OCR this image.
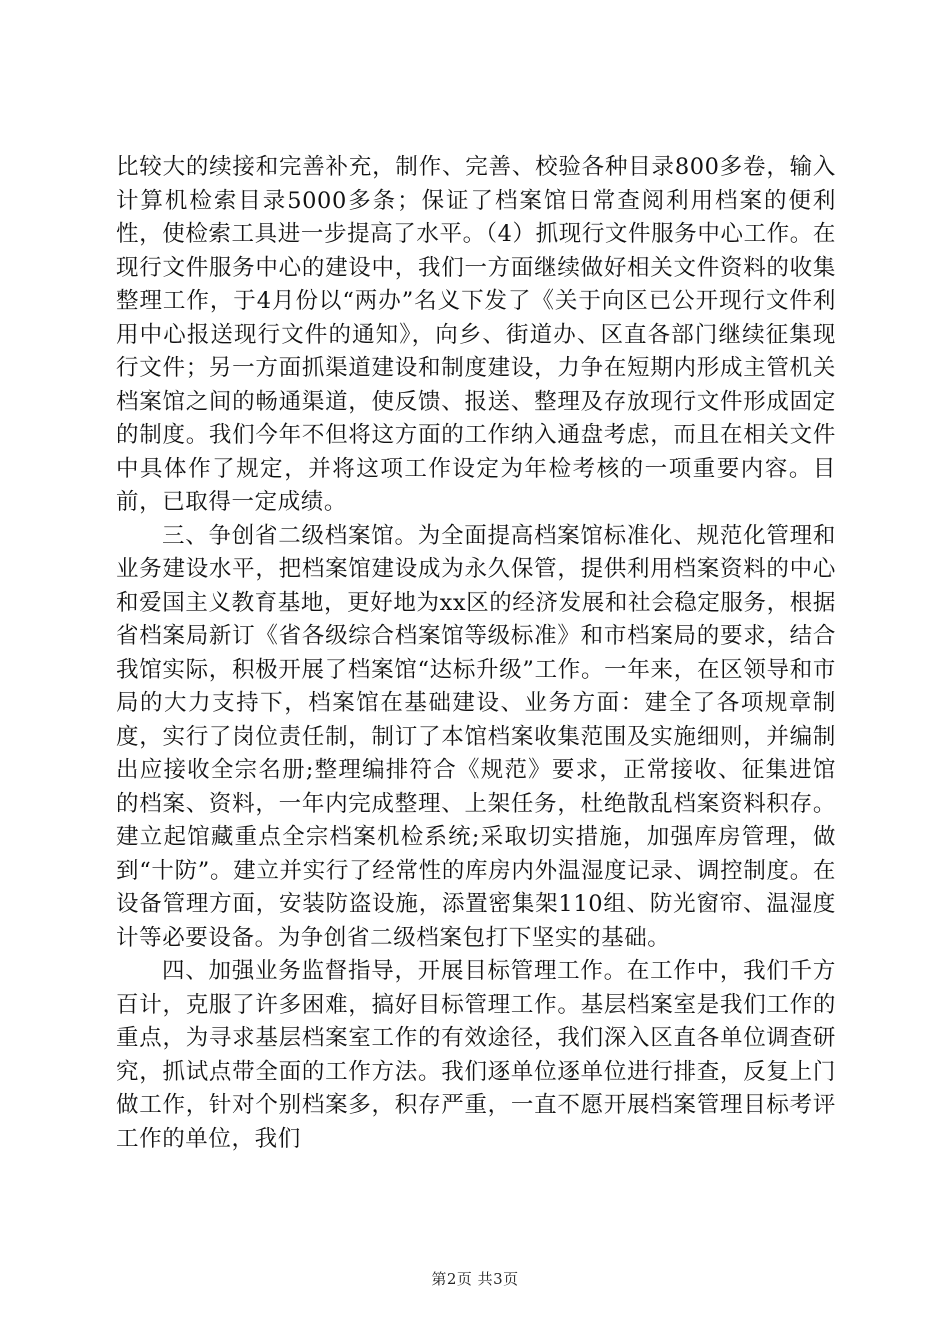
比较大的续接和完善补充，制作、完善、校验各种目录800多卷，输入计算机检索目录5000多条；保证了档案馆日常查阅利用档案的便利性，使检索工具进一步提高了水平。（4）抓现行文件服务中心工作。在现行文件服务中心的建设中，我们一方面继续做好相关文件资料的收集整理工作，于4月份以“两办”名义下发了《关于向区已公开现行文件利用中心报送现行文件的通知》，向乡、街道办、区直各部门继续征集现行文件；另一方面抓渠道建设和制度建设，力争在短期内形成主管机关档案馆之间的畅通渠道，使反馈、报送、整理及存放现行文件形成固定的制度。我们今年不但将这方面的工作纳入通盘考虑，而且在相关文件中具体作了规定，并将这项工作设定为年检考核的一项重要内容。目前，已取得一定成绩。

三、争创省二级档案馆。为全面提高档案馆标准化、规范化管理和业务建设水平，把档案馆建设成为永久保管，提供利用档案资料的中心和爱国主义教育基地，更好地为xx区的经济发展和社会稳定服务，根据省档案局新订《省各级综合档案馆等级标准》和市档案局的要求，结合我馆实际，积极开展了档案馆“达标升级”工作。一年来，在区领导和市局的大力支持下，档案馆在基础建设、业务方面：建全了各项规章制度，实行了岗位责任制，制订了本馆档案收集范围及实施细则，并编制出应接收全宗名册;整理编排符合《规范》要求，正常接收、征集进馆的档案、资料，一年内完成整理、上架任务，杜绝散乱档案资料积存。建立起馆藏重点全宗档案机检系统;采取切实措施，加强库房管理，做到“十防”。建立并实行了经常性的库房内外温湿度记录、调控制度。在设备管理方面，安装防盗设施，添置密集架110组、防光窗帘、温湿度计等必要设备。为争创省二级档案包打下坚实的基础。

四、加强业务监督指导，开展目标管理工作。在工作中，我们千方百计，克服了许多困难，搞好目标管理工作。基层档案室是我们工作的重点，为寻求基层档案室工作的有效途径，我们深入区直各单位调查研究，抓试点带全面的工作方法。我们逐单位逐单位进行排查，反复上门做工作，针对个别档案多，积存严重，一直不愿开展档案管理目标考评工作的单位，我们

第2页 共3页
